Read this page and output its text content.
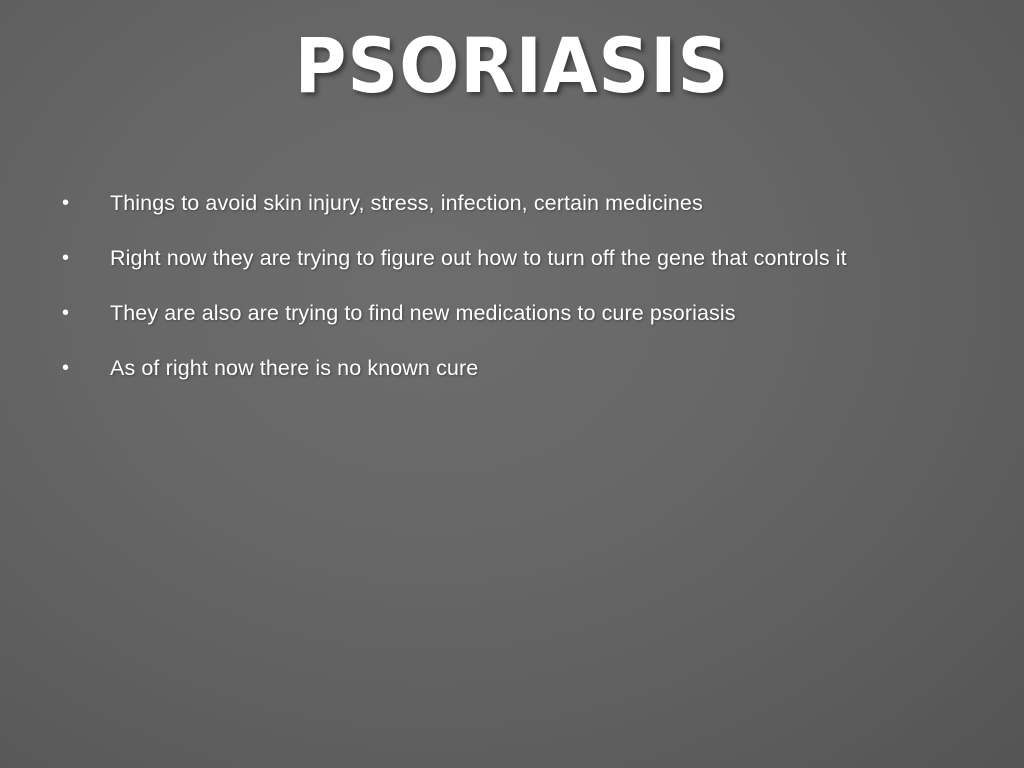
PSORIASIS
•	Things to avoid skin injury, stress, infection, certain medicines
•	Right now they are trying to figure out how to turn off the gene that controls it
•	They are also are trying to find new medications to cure psoriasis
•	As of right now there is no known cure
